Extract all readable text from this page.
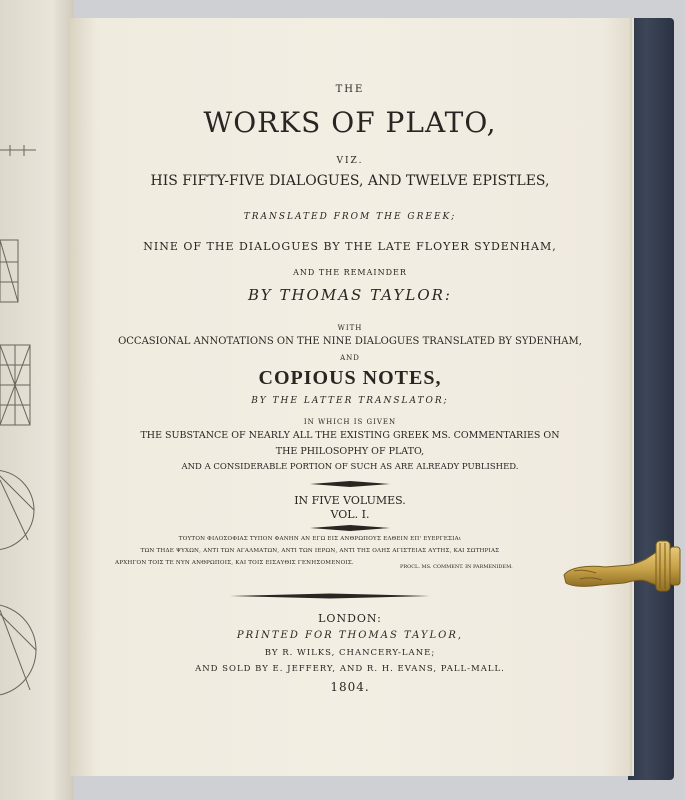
THE
WORKS OF PLATO,
VIZ.
HIS FIFTY-FIVE DIALOGUES, AND TWELVE EPISTLES,
TRANSLATED FROM THE GREEK;
NINE OF THE DIALOGUES BY THE LATE FLOYER SYDENHAM,
AND THE REMAINDER
BY THOMAS TAYLOR:
WITH
OCCASIONAL ANNOTATIONS ON THE NINE DIALOGUES TRANSLATED BY SYDENHAM,
AND
COPIOUS NOTES,
BY THE LATTER TRANSLATOR;
IN WHICH IS GIVEN
THE SUBSTANCE OF NEARLY ALL THE EXISTING GREEK MS. COMMENTARIES ON
THE PHILOSOPHY OF PLATO,
AND A CONSIDERABLE PORTION OF SUCH AS ARE ALREADY PUBLISHED.
IN FIVE VOLUMES.
VOL. I.
ΤΟΥΤΟΝ ΦΙΛΟΣΟΦΙΑΣ ΤΥΠΟΝ ΦΑΝΗΝ ΑΝ ΕΓΩ ΕΙΣ ΑΝΘΡΩΠΟΥΣ ΕΛΘΕΙΝ ΕΠ' ΕΥΕΡΓΕΣΙΑι
ΤΩΝ ΤΗΔΕ ΨΥΧΩΝ, ΑΝΤΙ ΤΩΝ ΑΓΑΛΜΑΤΩΝ, ΑΝΤΙ ΤΩΝ ΙΕΡΩΝ, ΑΝΤΙ ΤΗΣ ΟΛΗΣ ΑΓΙΣΤΕΙΑΣ ΑΥΤΗΣ, ΚΑΙ ΣΩΤΗΡΙΑΣ
ΑΡΧΗΓΟΝ ΤΟΙΣ ΤΕ ΝΥΝ ΑΝΘΡΩΠΟΙΣ, ΚΑΙ ΤΟΙΣ ΕΙΣΑΥΘΙΣ ΓΕΝΗΣΟΜΕΝΟΙΣ.
PROCL. MS. COMMENT. IN PARMENIDEM.
LONDON:
PRINTED FOR THOMAS TAYLOR,
BY R. WILKS, CHANCERY-LANE;
AND SOLD BY E. JEFFERY, AND R. H. EVANS, PALL-MALL.
1804.
